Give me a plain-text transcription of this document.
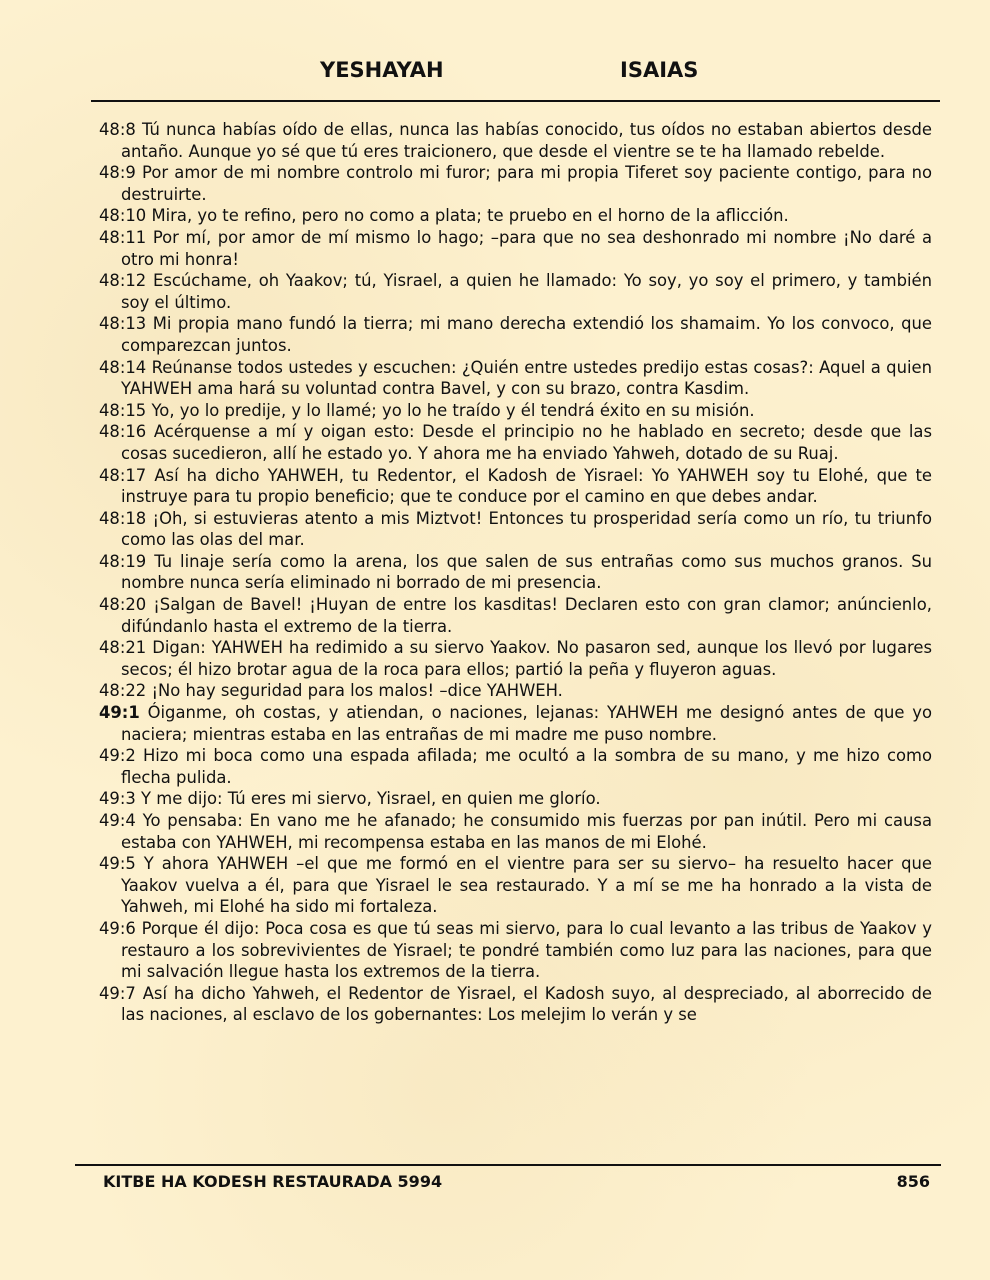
YESHAYAH	ISAIAS

48:8 Tú nunca habías oído de ellas, nunca las habías conocido, tus oídos no estaban abiertos desde antaño. Aunque yo sé que tú eres traicionero, que desde el vientre se te ha llamado rebelde.

48:9 Por amor de mi nombre controlo mi furor; para mi propia Tiferet soy paciente contigo, para no destruirte.

48:10 Mira, yo te refino, pero no como a plata; te pruebo en el horno de la aflicción.

48:11 Por mí, por amor de mí mismo lo hago; –para que no sea deshonrado mi nombre ¡No daré a otro mi honra!

48:12 Escúchame, oh Yaakov; tú, Yisrael, a quien he llamado: Yo soy, yo soy el primero, y también soy el último.

48:13 Mi propia mano fundó la tierra; mi mano derecha extendió los shamaim. Yo los convoco, que comparezcan juntos.

48:14 Reúnanse todos ustedes y escuchen: ¿Quién entre ustedes predijo estas cosas?: Aquel a quien YAHWEH ama hará su voluntad contra Bavel, y con su brazo, contra Kasdim.

48:15 Yo, yo lo predije, y lo llamé; yo lo he traído y él tendrá éxito en su misión.

48:16 Acérquense a mí y oigan esto: Desde el principio no he hablado en secreto; desde que las cosas sucedieron, allí he estado yo. Y ahora me ha enviado Yahweh, dotado de su Ruaj.

48:17 Así ha dicho YAHWEH, tu Redentor, el Kadosh de Yisrael: Yo YAHWEH soy tu Elohé, que te instruye para tu propio beneficio; que te conduce por el camino en que debes andar.

48:18 ¡Oh, si estuvieras atento a mis Miztvot! Entonces tu prosperidad sería como un río, tu triunfo como las olas del mar.

48:19 Tu linaje sería como la arena, los que salen de sus entrañas como sus muchos granos. Su nombre nunca sería eliminado ni borrado de mi presencia.

48:20 ¡Salgan de Bavel! ¡Huyan de entre los kasditas! Declaren esto con gran clamor; anúncienlo, difúndanlo hasta el extremo de la tierra.

48:21 Digan: YAHWEH ha redimido a su siervo Yaakov. No pasaron sed, aunque los llevó por lugares secos; él hizo brotar agua de la roca para ellos; partió la peña y fluyeron aguas.

48:22 ¡No hay seguridad para los malos! –dice YAHWEH.

49:1 Óiganme, oh costas, y atiendan, o naciones, lejanas: YAHWEH me designó antes de que yo naciera; mientras estaba en las entrañas de mi madre me puso nombre.

49:2 Hizo mi boca como una espada afilada; me ocultó a la sombra de su mano, y me hizo como flecha pulida.

49:3 Y me dijo: Tú eres mi siervo, Yisrael, en quien me glorío.

49:4 Yo pensaba: En vano me he afanado; he consumido mis fuerzas por pan inútil. Pero mi causa estaba con YAHWEH, mi recompensa estaba en las manos de mi Elohé.

49:5 Y ahora YAHWEH –el que me formó en el vientre para ser su siervo– ha resuelto hacer que Yaakov vuelva a él, para que Yisrael le sea restaurado. Y a mí se me ha honrado a la vista de Yahweh, mi Elohé ha sido mi fortaleza.

49:6 Porque él dijo: Poca cosa es que tú seas mi siervo, para lo cual levanto a las tribus de Yaakov y restauro a los sobrevivientes de Yisrael; te pondré también como luz para las naciones, para que mi salvación llegue hasta los extremos de la tierra.

49:7 Así ha dicho Yahweh, el Redentor de Yisrael, el Kadosh suyo, al despreciado, al aborrecido de las naciones, al esclavo de los gobernantes: Los melejim lo verán y se

KITBE HA KODESH RESTAURADA 5994	856
